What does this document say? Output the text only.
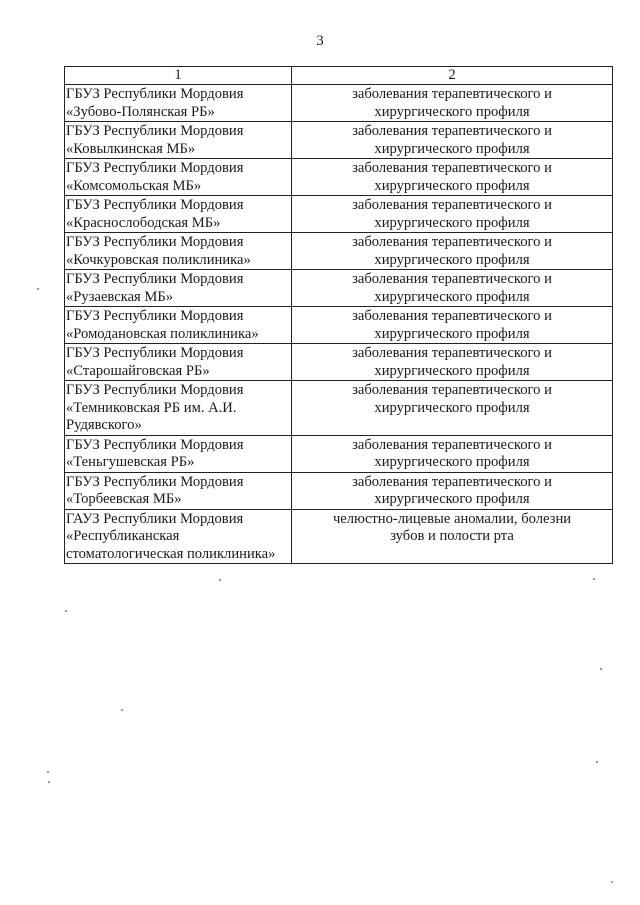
3
1	2

ГБУЗ Республики Мордовия
«Зубово-Полянская РБ»	заболевания терапевтического и
хирургического профиля

ГБУЗ Республики Мордовия
«Ковылкинская МБ»	заболевания терапевтического и
хирургического профиля

ГБУЗ Республики Мордовия
«Комсомольская МБ»	заболевания терапевтического и
хирургического профиля

ГБУЗ Республики Мордовия
«Краснослободская МБ»	заболевания терапевтического и
хирургического профиля

ГБУЗ Республики Мордовия
«Кочкуровская поликлиника»	заболевания терапевтического и
хирургического профиля

ГБУЗ Республики Мордовия
«Рузаевская МБ»	заболевания терапевтического и
хирургического профиля

ГБУЗ Республики Мордовия
«Ромодановская поликлиника»	заболевания терапевтического и
хирургического профиля

ГБУЗ Республики Мордовия
«Старошайговская РБ»	заболевания терапевтического и
хирургического профиля

ГБУЗ Республики Мордовия
«Темниковская РБ им. А.И.
Рудявского»	заболевания терапевтического и
хирургического профиля

ГБУЗ Республики Мордовия
«Теньгушевская РБ»	заболевания терапевтического и
хирургического профиля

ГБУЗ Республики Мордовия
«Торбеевская МБ»	заболевания терапевтического и
хирургического профиля

ГАУЗ Республики Мордовия
«Республиканская
стоматологическая поликлиника»	челюстно-лицевые аномалии, болезни
зубов и полости рта
